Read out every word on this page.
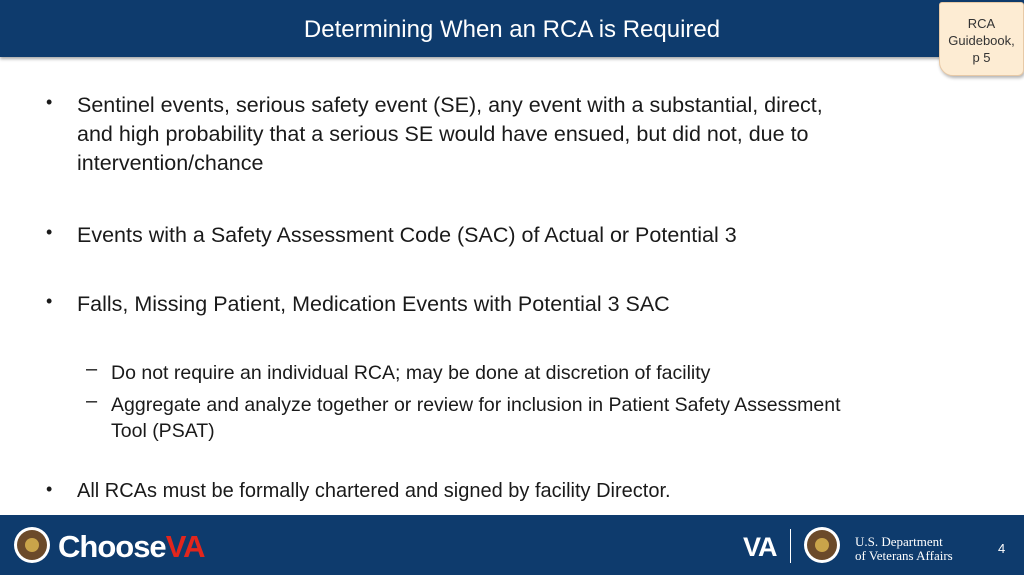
Determining When an RCA is Required	RCA
Guidebook,
p 5
• Sentinel events, serious safety event (SE), any event with a substantial, direct,
and high probability that a serious SE would have ensued, but did not, due to
intervention/chance
• Events with a Safety Assessment Code (SAC) of Actual or Potential 3
• Falls, Missing Patient, Medication Events with Potential 3 SAC
– Do not require an individual RCA; may be done at discretion of facility
– Aggregate and analyze together or review for inclusion in Patient Safety Assessment
Tool (PSAT)
• All RCAs must be formally chartered and signed by facility Director.
ChooseVA	VA	U.S. Department
of Veterans Affairs	4
